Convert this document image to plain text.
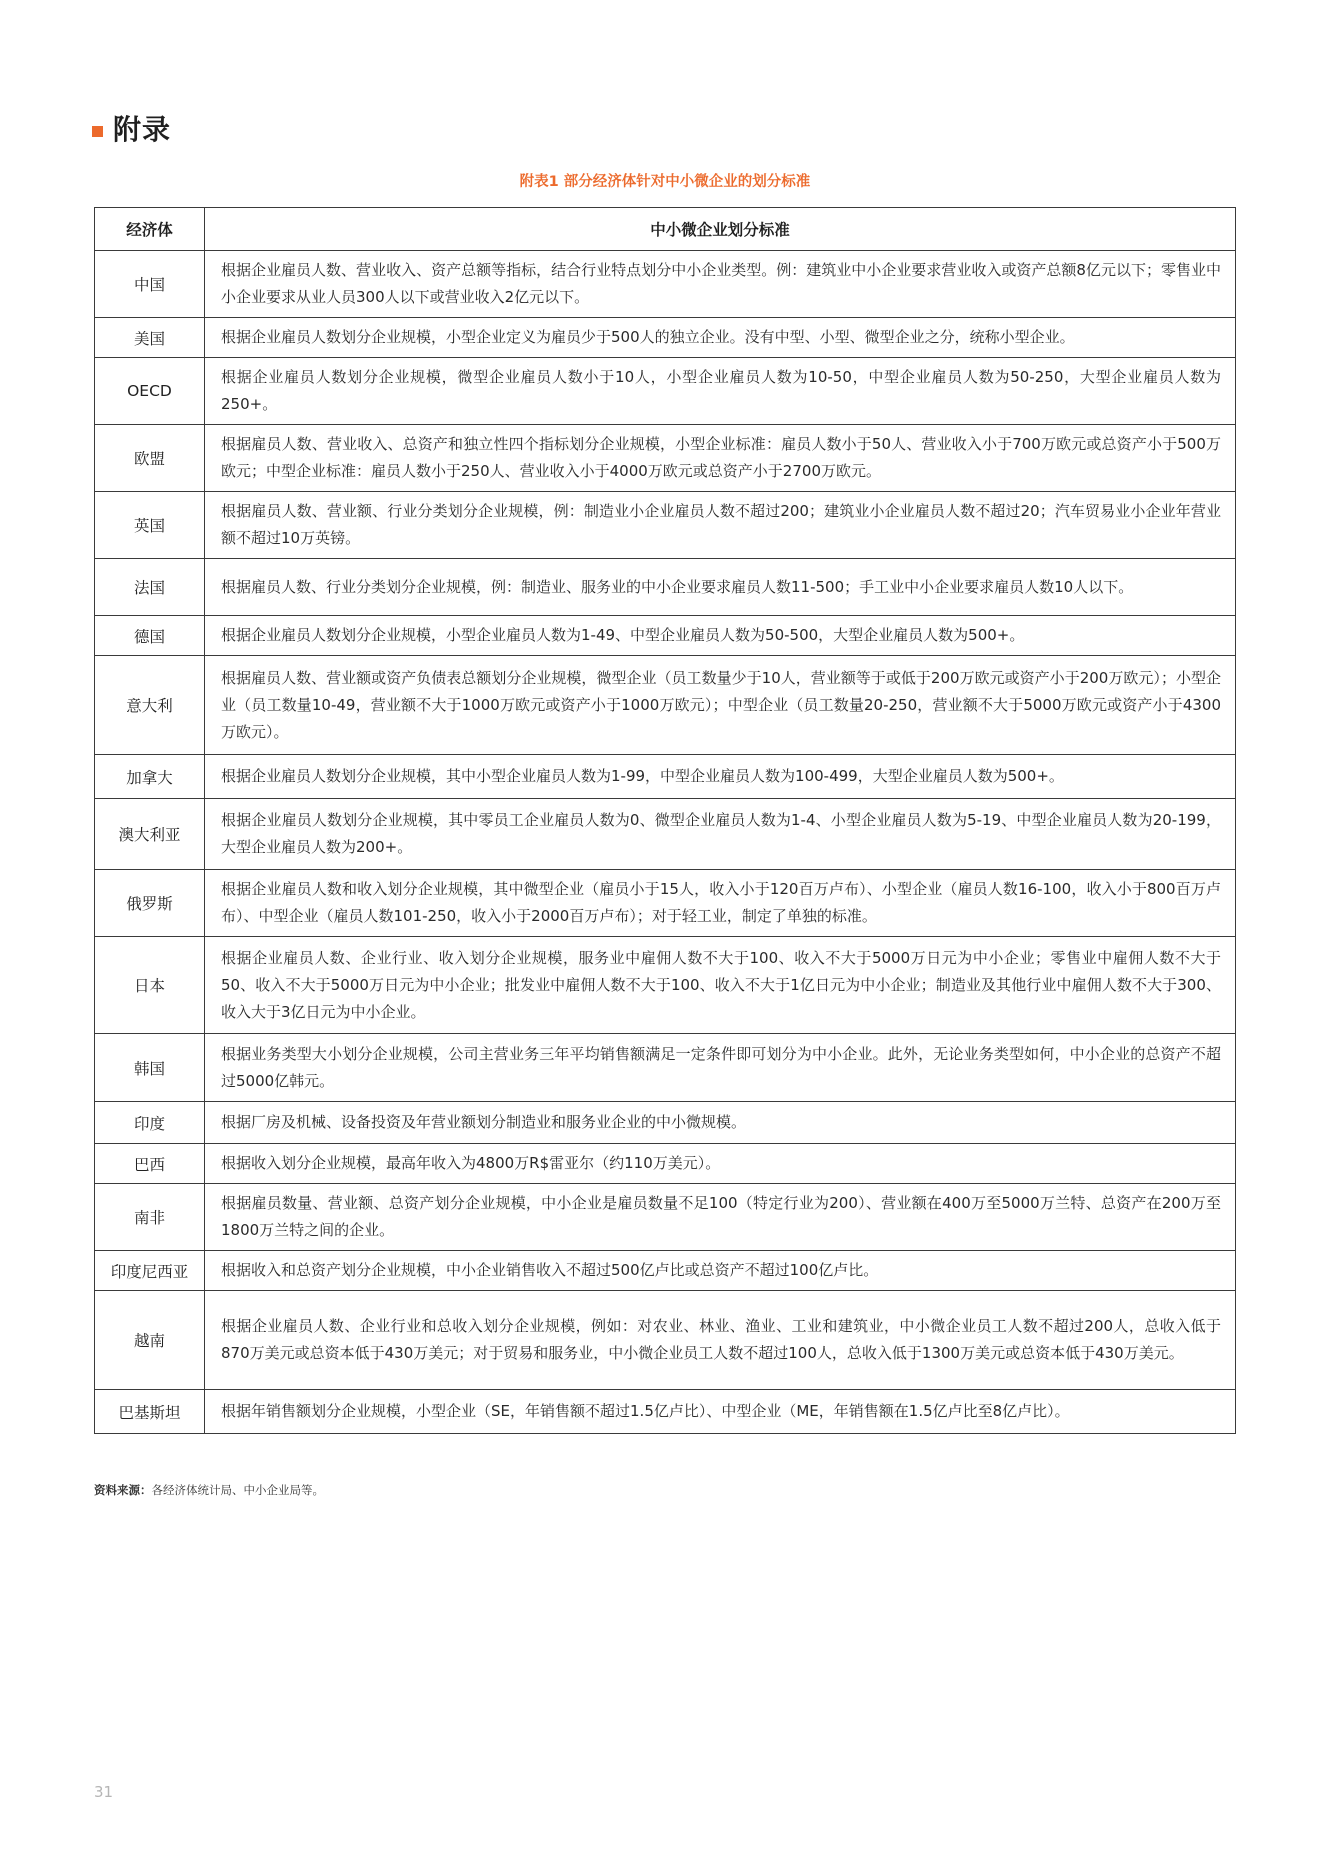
附录
附表1 部分经济体针对中小微企业的划分标准
经济体	中小微企业划分标准
中国	根据企业雇员人数、营业收入、资产总额等指标，结合行业特点划分中小企业类型。例：建筑业中小企业要求营业收入或资产总额8亿元以下；零售业中小企业要求从业人员300人以下或营业收入2亿元以下。
美国	根据企业雇员人数划分企业规模，小型企业定义为雇员少于500人的独立企业。没有中型、小型、微型企业之分，统称小型企业。
OECD	根据企业雇员人数划分企业规模，微型企业雇员人数小于10人，小型企业雇员人数为10-50，中型企业雇员人数为50-250，大型企业雇员人数为250+。
欧盟	根据雇员人数、营业收入、总资产和独立性四个指标划分企业规模，小型企业标准：雇员人数小于50人、营业收入小于700万欧元或总资产小于500万欧元；中型企业标准：雇员人数小于250人、营业收入小于4000万欧元或总资产小于2700万欧元。
英国	根据雇员人数、营业额、行业分类划分企业规模，例：制造业小企业雇员人数不超过200；建筑业小企业雇员人数不超过20；汽车贸易业小企业年营业额不超过10万英镑。
法国	根据雇员人数、行业分类划分企业规模，例：制造业、服务业的中小企业要求雇员人数11-500；手工业中小企业要求雇员人数10人以下。
德国	根据企业雇员人数划分企业规模，小型企业雇员人数为1-49、中型企业雇员人数为50-500，大型企业雇员人数为500+。
意大利	根据雇员人数、营业额或资产负债表总额划分企业规模，微型企业（员工数量少于10人，营业额等于或低于200万欧元或资产小于200万欧元）；小型企业（员工数量10-49，营业额不大于1000万欧元或资产小于1000万欧元）；中型企业（员工数量20-250，营业额不大于5000万欧元或资产小于4300万欧元）。
加拿大	根据企业雇员人数划分企业规模，其中小型企业雇员人数为1-99，中型企业雇员人数为100-499，大型企业雇员人数为500+。
澳大利亚	根据企业雇员人数划分企业规模，其中零员工企业雇员人数为0、微型企业雇员人数为1-4、小型企业雇员人数为5-19、中型企业雇员人数为20-199，大型企业雇员人数为200+。
俄罗斯	根据企业雇员人数和收入划分企业规模，其中微型企业（雇员小于15人，收入小于120百万卢布）、小型企业（雇员人数16-100，收入小于800百万卢布）、中型企业（雇员人数101-250，收入小于2000百万卢布）；对于轻工业，制定了单独的标准。
日本	根据企业雇员人数、企业行业、收入划分企业规模，服务业中雇佣人数不大于100、收入不大于5000万日元为中小企业；零售业中雇佣人数不大于50、收入不大于5000万日元为中小企业；批发业中雇佣人数不大于100、收入不大于1亿日元为中小企业；制造业及其他行业中雇佣人数不大于300、收入大于3亿日元为中小企业。
韩国	根据业务类型大小划分企业规模，公司主营业务三年平均销售额满足一定条件即可划分为中小企业。此外，无论业务类型如何，中小企业的总资产不超过5000亿韩元。
印度	根据厂房及机械、设备投资及年营业额划分制造业和服务业企业的中小微规模。
巴西	根据收入划分企业规模，最高年收入为4800万R$雷亚尔（约110万美元）。
南非	根据雇员数量、营业额、总资产划分企业规模，中小企业是雇员数量不足100（特定行业为200）、营业额在400万至5000万兰特、总资产在200万至1800万兰特之间的企业。
印度尼西亚	根据收入和总资产划分企业规模，中小企业销售收入不超过500亿卢比或总资产不超过100亿卢比。
越南	根据企业雇员人数、企业行业和总收入划分企业规模，例如：对农业、林业、渔业、工业和建筑业，中小微企业员工人数不超过200人，总收入低于870万美元或总资本低于430万美元；对于贸易和服务业，中小微企业员工人数不超过100人，总收入低于1300万美元或总资本低于430万美元。
巴基斯坦	根据年销售额划分企业规模，小型企业（SE，年销售额不超过1.5亿卢比）、中型企业（ME，年销售额在1.5亿卢比至8亿卢比）。
资料来源：各经济体统计局、中小企业局等。
31
